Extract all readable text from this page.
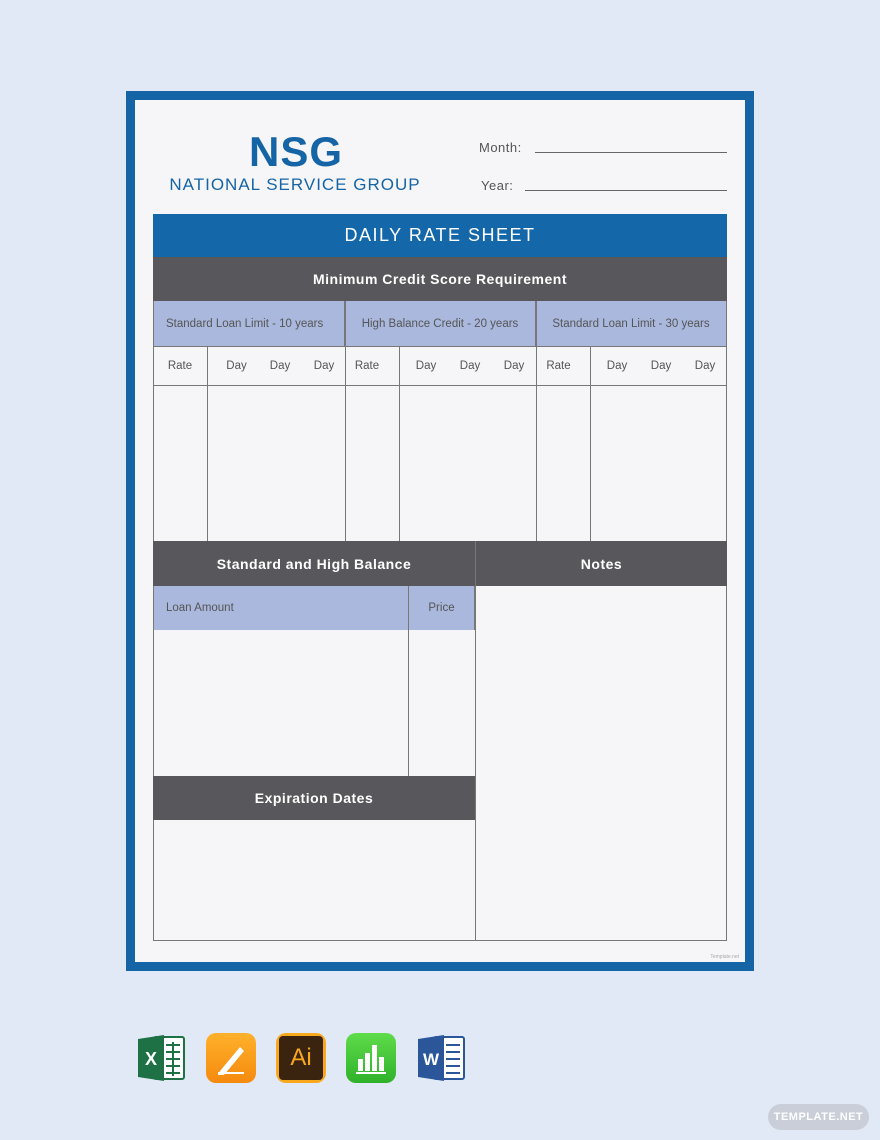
NSG
NATIONAL SERVICE GROUP
Month:
Year:
DAILY RATE SHEET
Minimum Credit Score Requirement
Standard Loan Limit - 10 years	High Balance Credit - 20 years	Standard Loan Limit - 30 years
Rate	Day	Day	Day	Rate	Day	Day	Day	Rate	Day	Day	Day
Standard and High Balance	Notes
Loan Amount	Price
Expiration Dates
Template.net
X	Ai	W
TEMPLATE.NET
